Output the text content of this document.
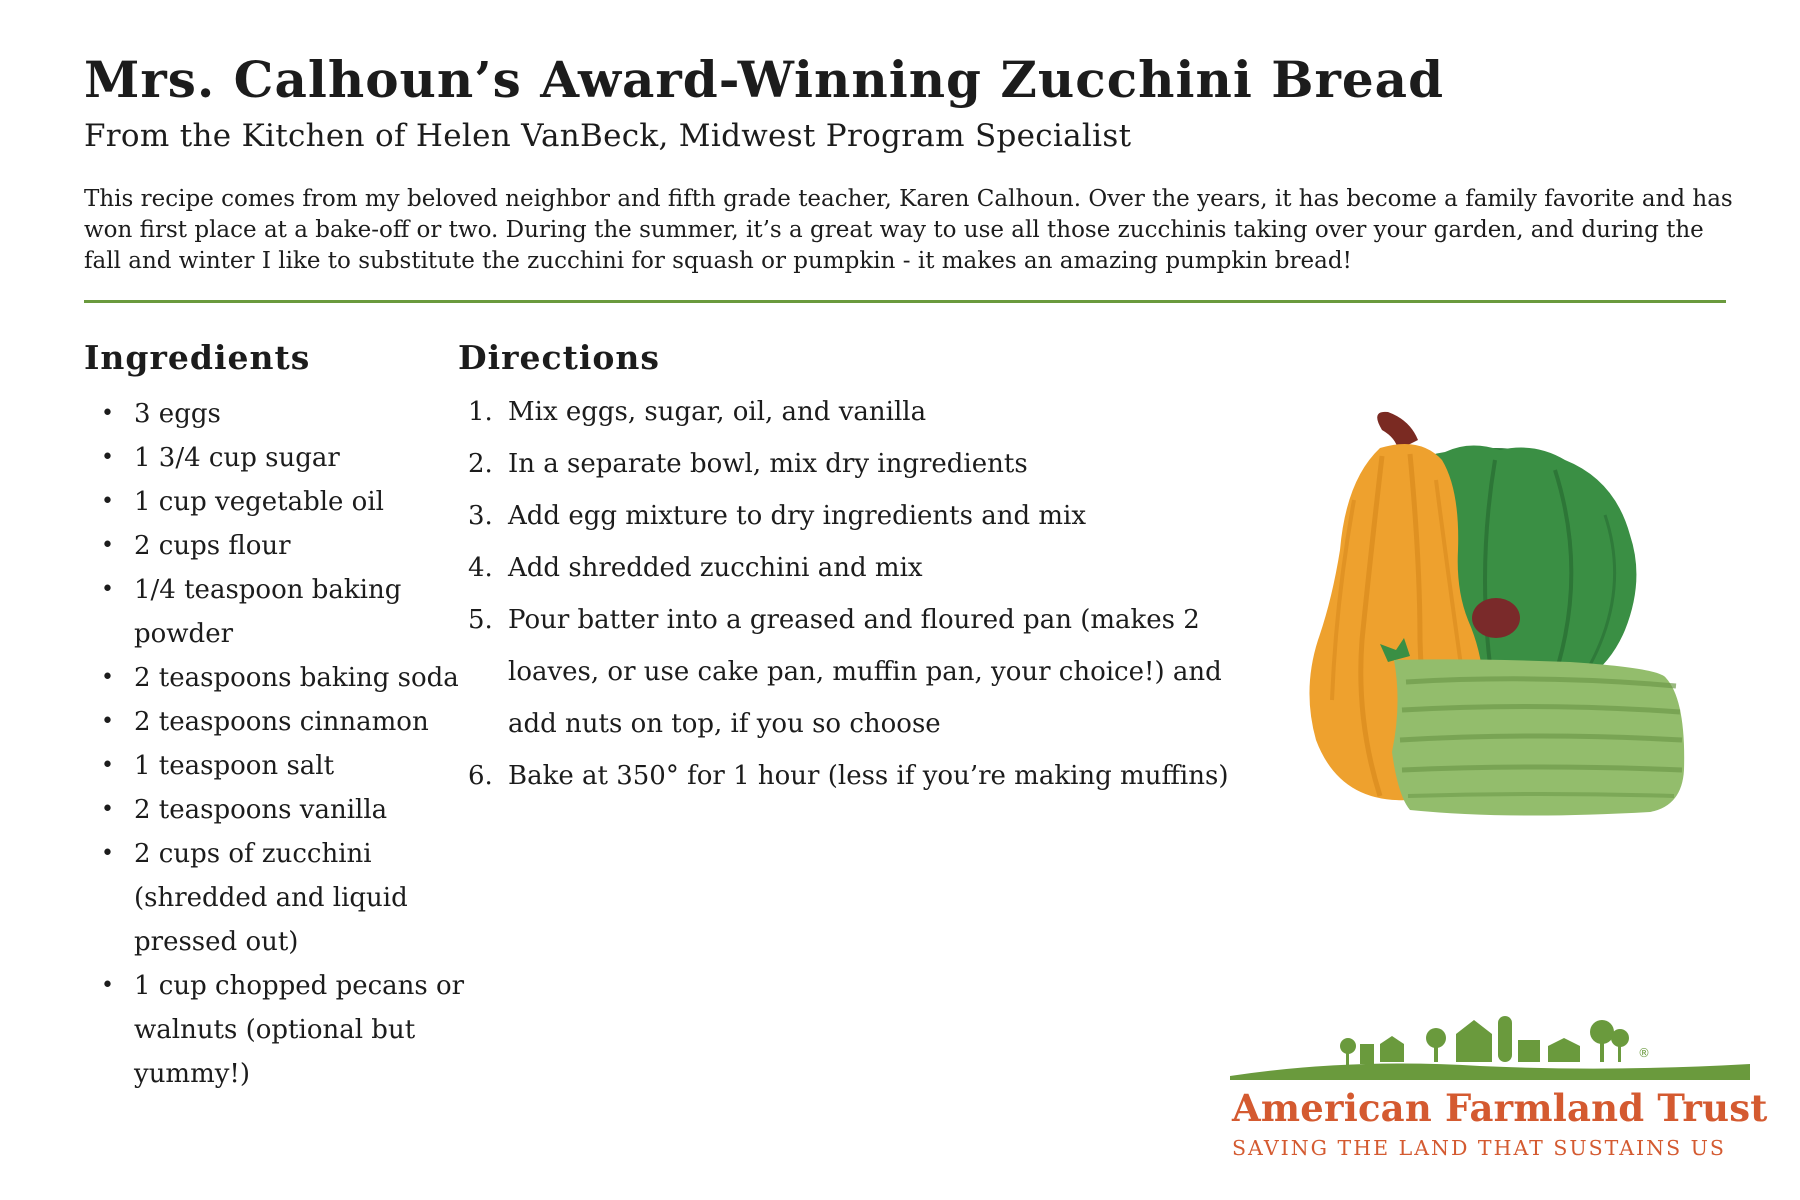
Mrs. Calhoun’s Award-Winning Zucchini Bread
From the Kitchen of Helen VanBeck, Midwest Program Specialist

This recipe comes from my beloved neighbor and fifth grade teacher, Karen Calhoun. Over the years, it has become a family favorite and has won first place at a bake-off or two. During the summer, it’s a great way to use all those zucchinis taking over your garden, and during the fall and winter I like to substitute the zucchini for squash or pumpkin - it makes an amazing pumpkin bread!

Ingredients
• 3 eggs
• 1 3/4 cup sugar
• 1 cup vegetable oil
• 2 cups flour
• 1/4 teaspoon baking powder
• 2 teaspoons baking soda
• 2 teaspoons cinnamon
• 1 teaspoon salt
• 2 teaspoons vanilla
• 2 cups of zucchini (shredded and liquid pressed out)
• 1 cup chopped pecans or walnuts (optional but yummy!)
Directions
1. Mix eggs, sugar, oil, and vanilla
2. In a separate bowl, mix dry ingredients
3. Add egg mixture to dry ingredients and mix
4. Add shredded zucchini and mix
5. Pour batter into a greased and floured pan (makes 2 loaves, or use cake pan, muffin pan, your choice!) and add nuts on top, if you so choose
6. Bake at 350° for 1 hour (less if you’re making muffins)
®

American Farmland Trust

SAVING THE LAND THAT SUSTAINS US
